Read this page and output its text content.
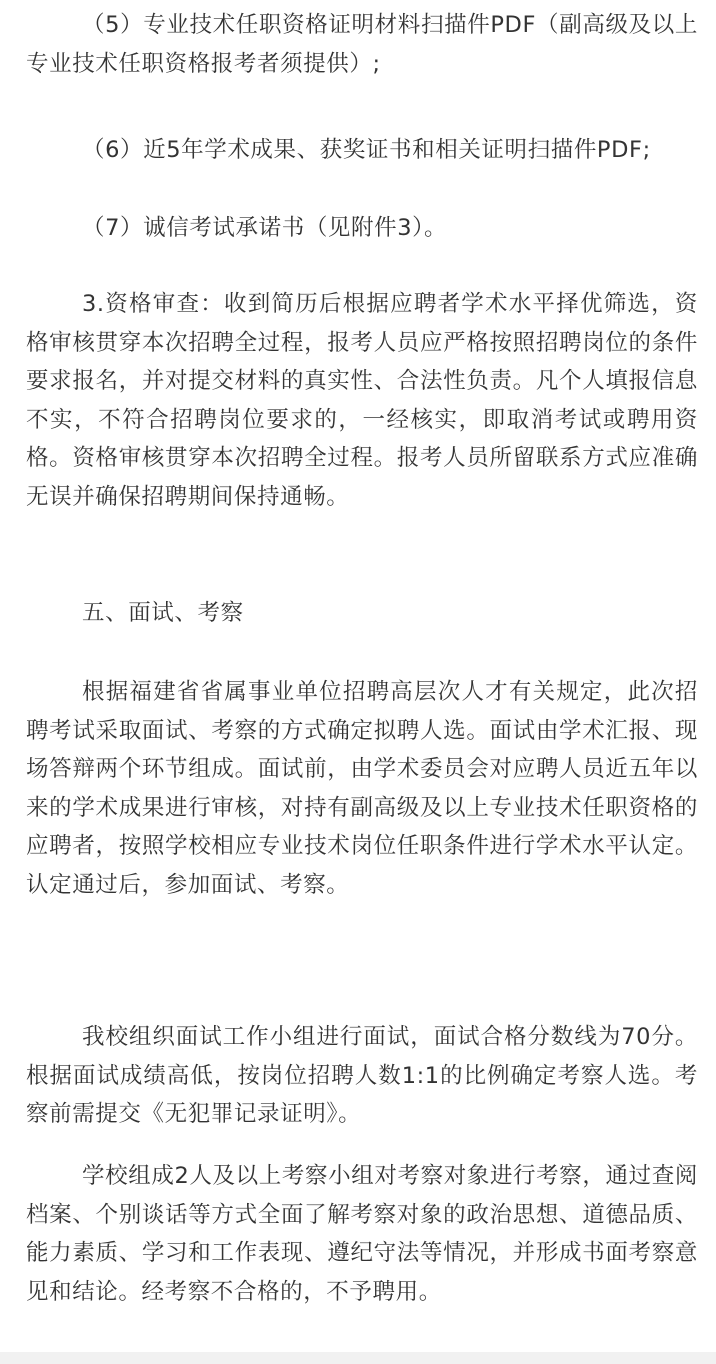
（5）专业技术任职资格证明材料扫描件PDF（副高级及以上专业技术任职资格报考者须提供）;

（6）近5年学术成果、获奖证书和相关证明扫描件PDF;

（7）诚信考试承诺书（见附件3）。

3.资格审查：收到简历后根据应聘者学术水平择优筛选，资格审核贯穿本次招聘全过程，报考人员应严格按照招聘岗位的条件要求报名，并对提交材料的真实性、合法性负责。凡个人填报信息不实，不符合招聘岗位要求的，一经核实，即取消考试或聘用资格。资格审核贯穿本次招聘全过程。报考人员所留联系方式应准确无误并确保招聘期间保持通畅。

五、面试、考察

根据福建省省属事业单位招聘高层次人才有关规定，此次招聘考试采取面试、考察的方式确定拟聘人选。面试由学术汇报、现场答辩两个环节组成。面试前，由学术委员会对应聘人员近五年以来的学术成果进行审核，对持有副高级及以上专业技术任职资格的应聘者，按照学校相应专业技术岗位任职条件进行学术水平认定。认定通过后，参加面试、考察。

我校组织面试工作小组进行面试，面试合格分数线为70分。根据面试成绩高低，按岗位招聘人数1:1的比例确定考察人选。考察前需提交《无犯罪记录证明》。

学校组成2人及以上考察小组对考察对象进行考察，通过查阅档案、个别谈话等方式全面了解考察对象的政治思想、道德品质、能力素质、学习和工作表现、遵纪守法等情况，并形成书面考察意见和结论。经考察不合格的，不予聘用。
